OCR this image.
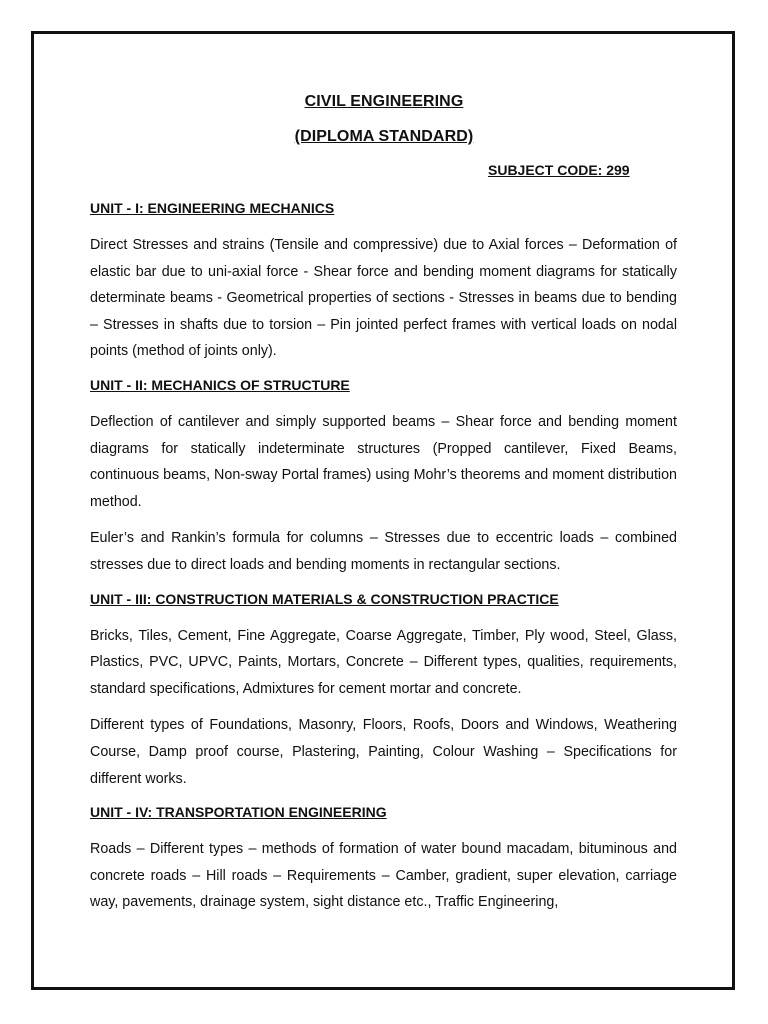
CIVIL ENGINEERING
(DIPLOMA STANDARD)
SUBJECT CODE: 299
UNIT - I: ENGINEERING MECHANICS

Direct Stresses and strains (Tensile and compressive) due to Axial forces – Deformation of elastic bar due to uni-axial force - Shear force and bending moment diagrams for statically determinate beams - Geometrical properties of sections - Stresses in beams due to bending – Stresses in shafts due to torsion – Pin jointed perfect frames with vertical loads on nodal points (method of joints only).

UNIT - II: MECHANICS OF STRUCTURE

Deflection of cantilever and simply supported beams – Shear force and bending moment diagrams for statically indeterminate structures (Propped cantilever, Fixed Beams, continuous beams, Non-sway Portal frames) using Mohr’s theorems and moment distribution method.

Euler’s and Rankin’s formula for columns – Stresses due to eccentric loads – combined stresses due to direct loads and bending moments in rectangular sections.

UNIT - III: CONSTRUCTION MATERIALS & CONSTRUCTION PRACTICE

Bricks, Tiles, Cement, Fine Aggregate, Coarse Aggregate, Timber, Ply wood, Steel, Glass, Plastics, PVC, UPVC, Paints, Mortars, Concrete – Different types, qualities, requirements, standard specifications, Admixtures for cement mortar and concrete.

Different types of Foundations, Masonry, Floors, Roofs, Doors and Windows, Weathering Course, Damp proof course, Plastering, Painting, Colour Washing – Specifications for different works.

UNIT - IV: TRANSPORTATION ENGINEERING

Roads – Different types – methods of formation of water bound macadam, bituminous and concrete roads – Hill roads – Requirements – Camber, gradient, super elevation, carriage way, pavements, drainage system, sight distance etc., Traffic Engineering,
